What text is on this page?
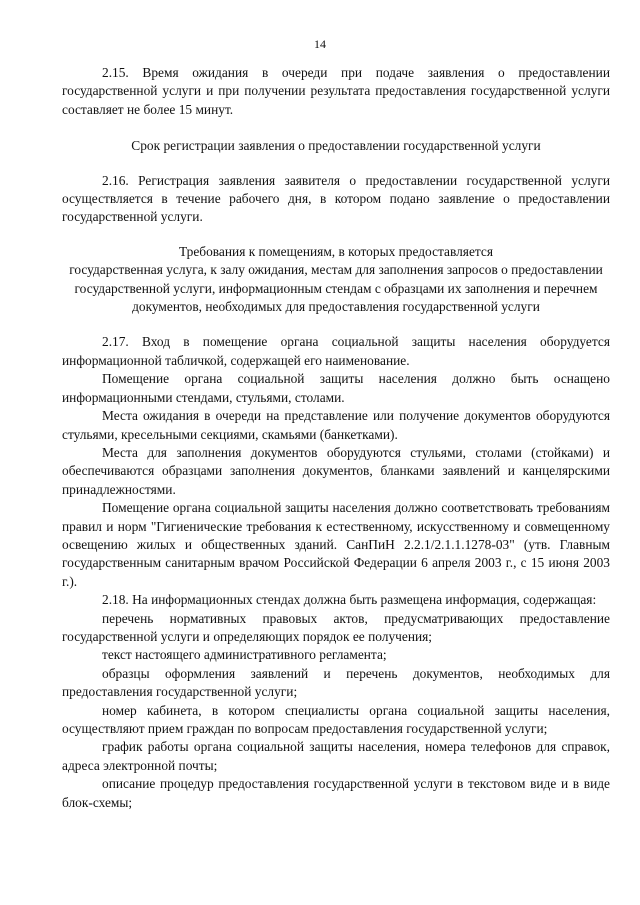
14

2.15. Время ожидания в очереди при подаче заявления о предоставлении государственной услуги и при получении результата предоставления государственной услуги составляет не более 15 минут.

Срок регистрации заявления о предоставлении государственной услуги

2.16. Регистрация заявления заявителя о предоставлении государственной услуги осуществляется в течение рабочего дня, в котором подано заявление о предоставлении государственной услуги.

Требования к помещениям, в которых предоставляется

государственная услуга, к залу ожидания, местам для заполнения запросов о предоставлении государственной услуги, информационным стендам с образцами их заполнения и перечнем документов, необходимых для предоставления государственной услуги

2.17. Вход в помещение органа социальной защиты населения оборудуется информационной табличкой, содержащей его наименование.

Помещение органа социальной защиты населения должно быть оснащено информационными стендами, стульями, столами.

Места ожидания в очереди на представление или получение документов оборудуются стульями, кресельными секциями, скамьями (банкетками).

Места для заполнения документов оборудуются стульями, столами (стойками) и обеспечиваются образцами заполнения документов, бланками заявлений и канцелярскими принадлежностями.

Помещение органа социальной защиты населения должно соответствовать требованиям правил и норм "Гигиенические требования к естественному, искусственному и совмещенному освещению жилых и общественных зданий. СанПиН 2.2.1/2.1.1.1278-03" (утв. Главным государственным санитарным врачом Российской Федерации 6 апреля 2003 г., с 15 июня 2003 г.).

2.18. На информационных стендах должна быть размещена информация, содержащая:

перечень нормативных правовых актов, предусматривающих предоставление государственной услуги и определяющих порядок ее получения;

текст настоящего административного регламента;

образцы оформления заявлений и перечень документов, необходимых для предоставления государственной услуги;

номер кабинета, в котором специалисты органа социальной защиты населения, осуществляют прием граждан по вопросам предоставления государственной услуги;

график работы органа социальной защиты населения, номера телефонов для справок, адреса электронной почты;

описание процедур предоставления государственной услуги в текстовом виде и в виде блок-схемы;
